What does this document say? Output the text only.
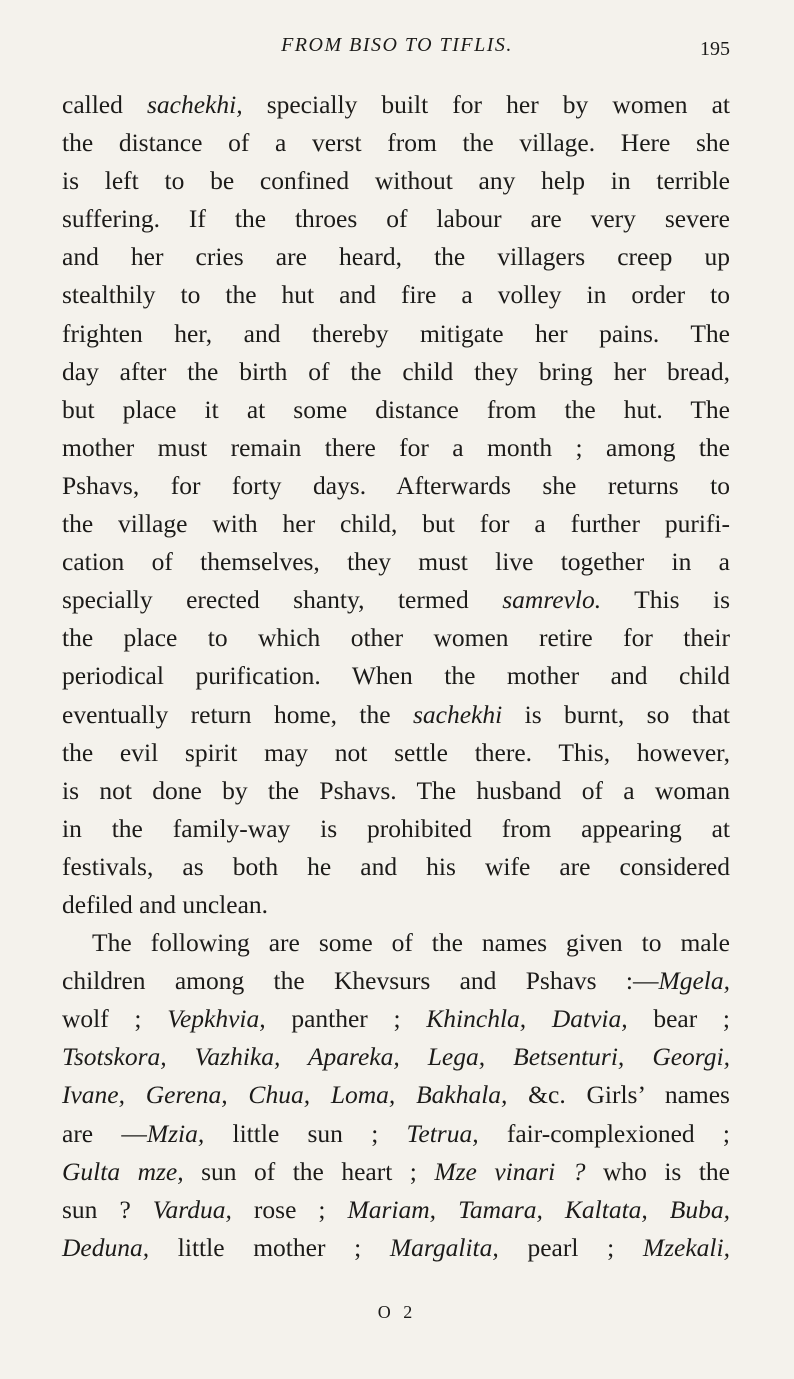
FROM BISO TO TIFLIS.	195
called sachekhi, specially built for her by women at
the distance of a verst from the village. Here she
is left to be confined without any help in terrible
suffering. If the throes of labour are very severe
and her cries are heard, the villagers creep up
stealthily to the hut and fire a volley in order to
frighten her, and thereby mitigate her pains. The
day after the birth of the child they bring her bread,
but place it at some distance from the hut. The
mother must remain there for a month ; among the
Pshavs, for forty days. Afterwards she returns to
the village with her child, but for a further purifi-
cation of themselves, they must live together in a
specially erected shanty, termed samrevlo. This is
the place to which other women retire for their
periodical purification. When the mother and child
eventually return home, the sachekhi is burnt, so that
the evil spirit may not settle there. This, however,
is not done by the Pshavs. The husband of a woman
in the family-way is prohibited from appearing at
festivals, as both he and his wife are considered
defiled and unclean.
The following are some of the names given to male
children among the Khevsurs and Pshavs :—Mgela,
wolf ; Vepkhvia, panther ; Khinchla, Datvia, bear ;
Tsotskora, Vazhika, Apareka, Lega, Betsenturi, Georgi,
Ivane, Gerena, Chua, Loma, Bakhala, &c. Girls’ names
are —Mzia, little sun ; Tetrua, fair-complexioned ;
Gulta mze, sun of the heart ; Mze vinari ? who is the
sun ? Vardua, rose ; Mariam, Tamara, Kaltata, Buba,
Deduna, little mother ; Margalita, pearl ; Mzekali,
O 2
